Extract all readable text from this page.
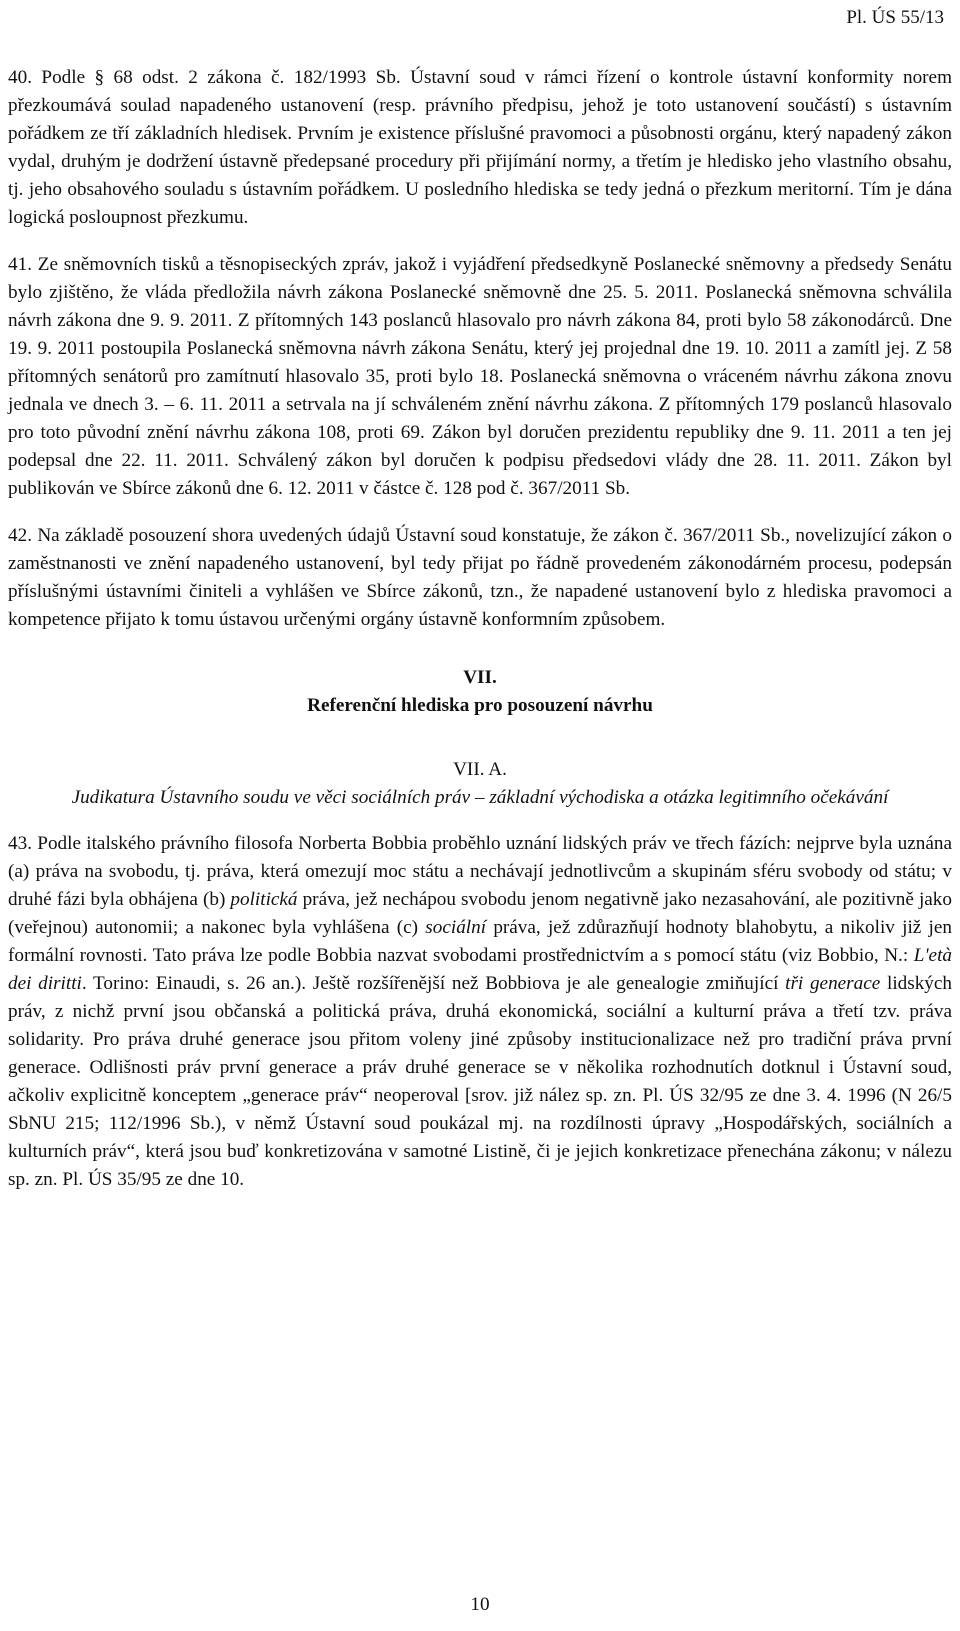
Pl. ÚS 55/13

40. Podle § 68 odst. 2 zákona č. 182/1993 Sb. Ústavní soud v rámci řízení o kontrole ústavní konformity norem přezkoumává soulad napadeného ustanovení (resp. právního předpisu, jehož je toto ustanovení součástí) s ústavním pořádkem ze tří základních hledisek. Prvním je existence příslušné pravomoci a působnosti orgánu, který napadený zákon vydal, druhým je dodržení ústavně předepsané procedury při přijímání normy, a třetím je hledisko jeho vlastního obsahu, tj. jeho obsahového souladu s ústavním pořádkem. U posledního hlediska se tedy jedná o přezkum meritorní. Tím je dána logická posloupnost přezkumu.

41. Ze sněmovních tisků a těsnopiseckých zpráv, jakož i vyjádření předsedkyně Poslanecké sněmovny a předsedy Senátu bylo zjištěno, že vláda předložila návrh zákona Poslanecké sněmovně dne 25. 5. 2011. Poslanecká sněmovna schválila návrh zákona dne 9. 9. 2011. Z přítomných 143 poslanců hlasovalo pro návrh zákona 84, proti bylo 58 zákonodárců. Dne 19. 9. 2011 postoupila Poslanecká sněmovna návrh zákona Senátu, který jej projednal dne 19. 10. 2011 a zamítl jej. Z 58 přítomných senátorů pro zamítnutí hlasovalo 35, proti bylo 18. Poslanecká sněmovna o vráceném návrhu zákona znovu jednala ve dnech 3. – 6. 11. 2011 a setrvala na jí schváleném znění návrhu zákona. Z přítomných 179 poslanců hlasovalo pro toto původní znění návrhu zákona 108, proti 69. Zákon byl doručen prezidentu republiky dne 9. 11. 2011 a ten jej podepsal dne 22. 11. 2011. Schválený zákon byl doručen k podpisu předsedovi vlády dne 28. 11. 2011. Zákon byl publikován ve Sbírce zákonů dne 6. 12. 2011 v částce č. 128 pod č. 367/2011 Sb.

42. Na základě posouzení shora uvedených údajů Ústavní soud konstatuje, že zákon č. 367/2011 Sb., novelizující zákon o zaměstnanosti ve znění napadeného ustanovení, byl tedy přijat po řádně provedeném zákonodárném procesu, podepsán příslušnými ústavními činiteli a vyhlášen ve Sbírce zákonů, tzn., že napadené ustanovení bylo z hlediska pravomoci a kompetence přijato k tomu ústavou určenými orgány ústavně konformním způsobem.

VII.
Referenční hlediska pro posouzení návrhu
VII. A.
Judikatura Ústavního soudu ve věci sociálních práv – základní východiska a otázka legitimního očekávání

43. Podle italského právního filosofa Norberta Bobbia proběhlo uznání lidských práv ve třech fázích: nejprve byla uznána (a) práva na svobodu, tj. práva, která omezují moc státu a nechávají jednotlivcům a skupinám sféru svobody od státu; v druhé fázi byla obhájena (b) politická práva, jež nechápou svobodu jenom negativně jako nezasahování, ale pozitivně jako (veřejnou) autonomii; a nakonec byla vyhlášena (c) sociální práva, jež zdůrazňují hodnoty blahobytu, a nikoliv již jen formální rovnosti. Tato práva lze podle Bobbia nazvat svobodami prostřednictvím a s pomocí státu (viz Bobbio, N.: L'età dei diritti. Torino: Einaudi, s. 26 an.). Ještě rozšířenější než Bobbiova je ale genealogie zmiňující tři generace lidských práv, z nichž první jsou občanská a politická práva, druhá ekonomická, sociální a kulturní práva a třetí tzv. práva solidarity. Pro práva druhé generace jsou přitom voleny jiné způsoby institucionalizace než pro tradiční práva první generace. Odlišnosti práv první generace a práv druhé generace se v několika rozhodnutích dotknul i Ústavní soud, ačkoliv explicitně konceptem „generace práv“ neoperoval [srov. již nález sp. zn. Pl. ÚS 32/95 ze dne 3. 4. 1996 (N 26/5 SbNU 215; 112/1996 Sb.), v němž Ústavní soud poukázal mj. na rozdílnosti úpravy „Hospodářských, sociálních a kulturních práv“, která jsou buď konkretizována v samotné Listině, či je jejich konkretizace přenechána zákonu; v nálezu sp. zn. Pl. ÚS 35/95 ze dne 10.

10
